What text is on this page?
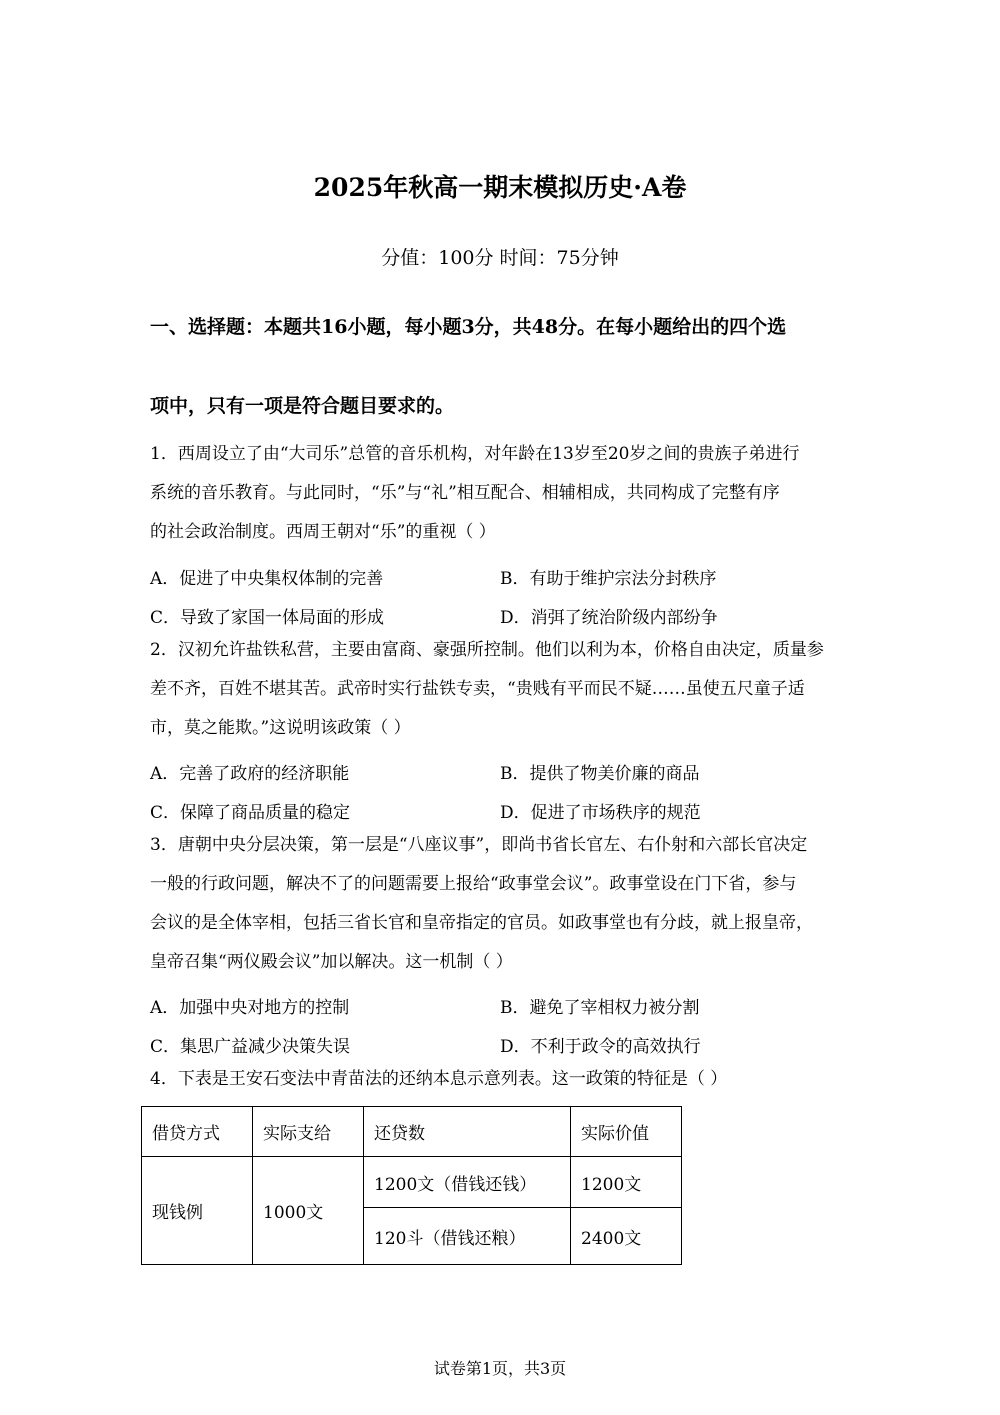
2025年秋高一期末模拟历史·A卷
分值：100分 时间：75分钟
一、选择题：本题共16小题，每小题3分，共48分。在每小题给出的四个选
项中，只有一项是符合题目要求的。
1．西周设立了由“大司乐”总管的音乐机构，对年龄在13岁至20岁之间的贵族子弟进行
系统的音乐教育。与此同时，“乐”与“礼”相互配合、相辅相成，共同构成了完整有序
的社会政治制度。西周王朝对“乐”的重视（ ）
A．促进了中央集权体制的完善	B．有助于维护宗法分封秩序
C．导致了家国一体局面的形成	D．消弭了统治阶级内部纷争
2．汉初允许盐铁私营，主要由富商、豪强所控制。他们以利为本，价格自由决定，质量参
差不齐，百姓不堪其苦。武帝时实行盐铁专卖，“贵贱有平而民不疑……虽使五尺童子适
市，莫之能欺。”这说明该政策（ ）
A．完善了政府的经济职能	B．提供了物美价廉的商品
C．保障了商品质量的稳定	D．促进了市场秩序的规范
3．唐朝中央分层决策，第一层是“八座议事”，即尚书省长官左、右仆射和六部长官决定
一般的行政问题，解决不了的问题需要上报给“政事堂会议”。政事堂设在门下省，参与
会议的是全体宰相，包括三省长官和皇帝指定的官员。如政事堂也有分歧，就上报皇帝，
皇帝召集“两仪殿会议”加以解决。这一机制（ ）
A．加强中央对地方的控制	B．避免了宰相权力被分割
C．集思广益减少决策失误	D．不利于政令的高效执行
4．下表是王安石变法中青苗法的还纳本息示意列表。这一政策的特征是（ ）
借贷方式	实际支给	还贷数	实际价值
现钱例	1000文	1200文（借钱还钱）	1200文
		120斗（借钱还粮）	2400文
试卷第1页，共3页
